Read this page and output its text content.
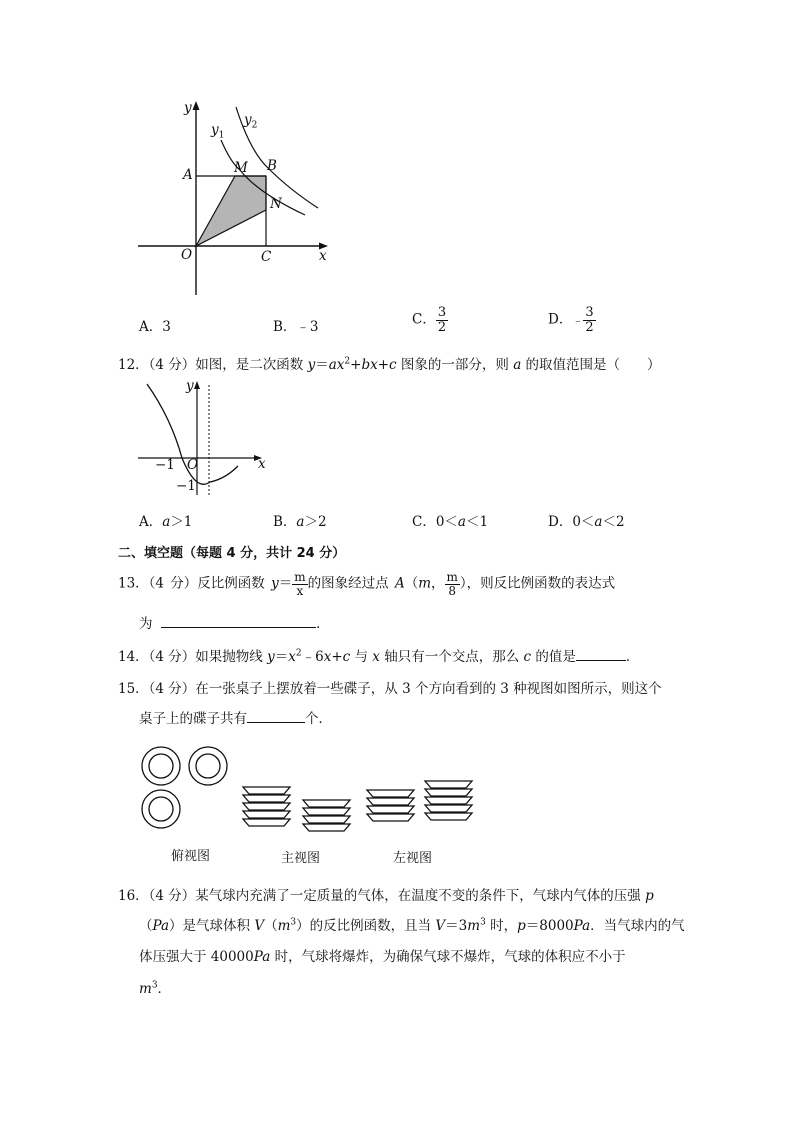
y
$y_1$
$y_2$
A	M B
N
O	C	x
A．3	B．﹣3	C． $\frac{3}{2}$	D．﹣ $\frac{3}{2}$
12．（4 分）如图，是二次函数 $y=ax^2+bx+c$ 图象的一部分，则 a 的取值范围是（　　）
y
x
−1 O
−1
A．a＞1	B．a＞2	C．0＜a＜1	D．0＜a＜2
二、填空题（每题 4 分，共计 24 分）
13．（4 分）反比例函数 $y= \frac{m}{x}$ 的图象经过点 A（m， $\frac{m}{8}$ ），则反比例函数的表达式
为	．
14．（4 分）如果抛物线 $y=x^2﹣6x+c$ 与 x 轴只有一个交点，那么 c 的值是	．
15．（4 分）在一张桌子上摆放着一些碟子，从 3 个方向看到的 3 种视图如图所示，则这个
桌子上的碟子共有	个．
俯视图	主视图	左视图
16．（4 分）某气球内充满了一定质量的气体，在温度不变的条件下，气球内气体的压强 p
（Pa）是气球体积 $V(m^3)$的反比例函数，且当 $V=3m^3$ 时，p＝8000Pa．当气球内的气
体压强大于 40000Pa 时，气球将爆炸，为确保气球不爆炸，气球的体积应不小于
$m^3$．
